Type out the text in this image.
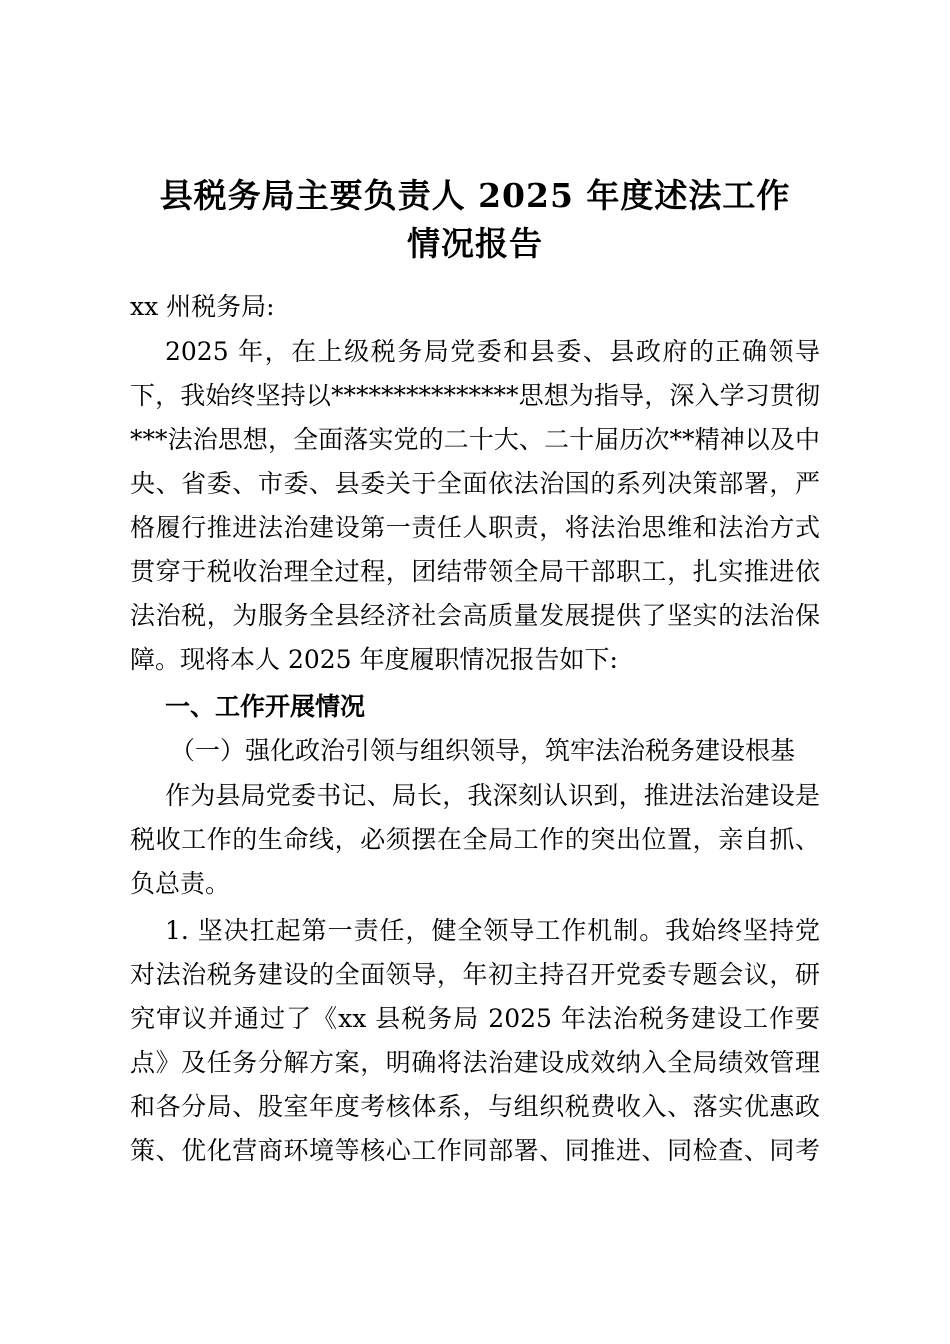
县税务局主要负责人 2025 年度述法工作
情况报告
xx 州税务局:
2025 年，在上级税务局党委和县委、县政府的正确领导
下，我始终坚持以***************思想为指导，深入学习贯彻
***法治思想，全面落实党的二十大、二十届历次**精神以及中
央、省委、市委、县委关于全面依法治国的系列决策部署，严
格履行推进法治建设第一责任人职责，将法治思维和法治方式
贯穿于税收治理全过程，团结带领全局干部职工，扎实推进依
法治税，为服务全县经济社会高质量发展提供了坚实的法治保
障。现将本人 2025 年度履职情况报告如下:
一、工作开展情况
（一）强化政治引领与组织领导，筑牢法治税务建设根基
作为县局党委书记、局长，我深刻认识到，推进法治建设是
税收工作的生命线，必须摆在全局工作的突出位置，亲自抓、
负总责。
1. 坚决扛起第一责任，健全领导工作机制。我始终坚持党
对法治税务建设的全面领导，年初主持召开党委专题会议，研
究审议并通过了《xx 县税务局 2025 年法治税务建设工作要
点》及任务分解方案，明确将法治建设成效纳入全局绩效管理
和各分局、股室年度考核体系，与组织税费收入、落实优惠政
策、优化营商环境等核心工作同部署、同推进、同检查、同考
